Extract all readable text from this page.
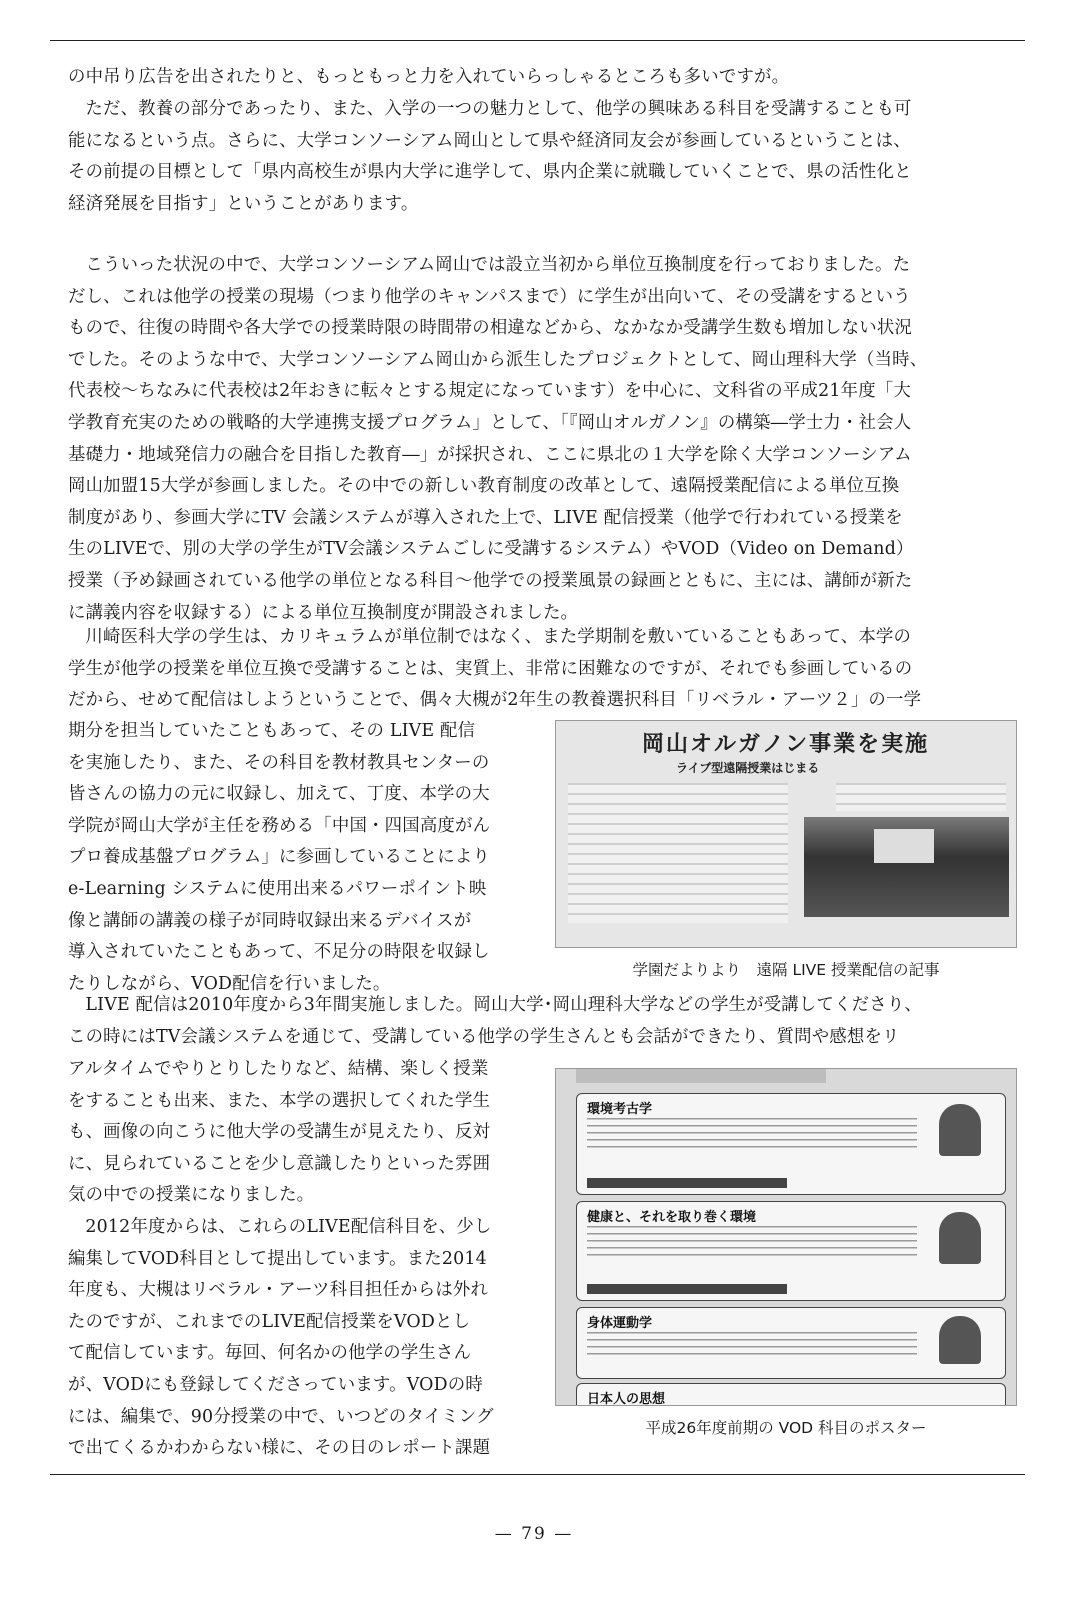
の中吊り広告を出されたりと、もっともっと力を入れていらっしゃるところも多いですが。

ただ、教養の部分であったり、また、入学の一つの魅力として、他学の興味ある科目を受講することも可
能になるという点。さらに、大学コンソーシアム岡山として県や経済同友会が参画しているということは、
その前提の目標として「県内高校生が県内大学に進学して、県内企業に就職していくことで、県の活性化と
経済発展を目指す」ということがあります。

こういった状況の中で、大学コンソーシアム岡山では設立当初から単位互換制度を行っておりました。た
だし、これは他学の授業の現場（つまり他学のキャンパスまで）に学生が出向いて、その受講をするという
もので、往復の時間や各大学での授業時限の時間帯の相違などから、なかなか受講学生数も増加しない状況
でした。そのような中で、大学コンソーシアム岡山から派生したプロジェクトとして、岡山理科大学（当時、
代表校～ちなみに代表校は2年おきに転々とする規定になっています）を中心に、文科省の平成21年度「大
学教育充実のための戦略的大学連携支援プログラム」として、「『岡山オルガノン』の構築―学士力・社会人
基礎力・地域発信力の融合を目指した教育―」が採択され、ここに県北の１大学を除く大学コンソーシアム
岡山加盟15大学が参画しました。その中での新しい教育制度の改革として、遠隔授業配信による単位互換
制度があり、参画大学にTV 会議システムが導入された上で、LIVE 配信授業（他学で行われている授業を
生のLIVEで、別の大学の学生がTV会議システムごしに受講するシステム）やVOD（Video on Demand）
授業（予め録画されている他学の単位となる科目～他学での授業風景の録画とともに、主には、講師が新た
に講義内容を収録する）による単位互換制度が開設されました。

川崎医科大学の学生は、カリキュラムが単位制ではなく、また学期制を敷いていることもあって、本学の
学生が他学の授業を単位互換で受講することは、実質上、非常に困難なのですが、それでも参画しているの
だから、せめて配信はしようということで、偶々大槻が2年生の教養選択科目「リベラル・アーツ２」の一学

期分を担当していたこともあって、その LIVE 配信
を実施したり、また、その科目を教材教具センターの
皆さんの協力の元に収録し、加えて、丁度、本学の大
学院が岡山大学が主任を務める「中国・四国高度がん
プロ養成基盤プログラム」に参画していることにより
e-Learning システムに使用出来るパワーポイント映
像と講師の講義の様子が同時収録出来るデバイスが
導入されていたこともあって、不足分の時限を収録し
たりしながら、VOD配信を行いました。

岡山オルガノン事業を実施
ライブ型遠隔授業はじまる
学園だよりより　遠隔 LIVE 授業配信の記事

LIVE 配信は2010年度から3年間実施しました。岡山大学･岡山理科大学などの学生が受講してくださり、
この時にはTV会議システムを通じて、受講している他学の学生さんとも会話ができたり、質問や感想をリ

アルタイムでやりとりしたりなど、結構、楽しく授業
をすることも出来、また、本学の選択してくれた学生
も、画像の向こうに他大学の受講生が見えたり、反対
に、見られていることを少し意識したりといった雰囲
気の中での授業になりました。

2012年度からは、これらのLIVE配信科目を、少し
編集してVOD科目として提出しています。また2014
年度も、大槻はリベラル・アーツ科目担任からは外れ
たのですが、これまでのLIVE配信授業をVODとし
て配信しています。毎回、何名かの他学の学生さん
が、VODにも登録してくださっています。VODの時
には、編集で、90分授業の中で、いつどのタイミング
で出てくるかわからない様に、その日のレポート課題

環境考古学
健康と、それを取り巻く環境
身体運動学
日本人の思想
平成26年度前期の VOD 科目のポスター
— 79 —
